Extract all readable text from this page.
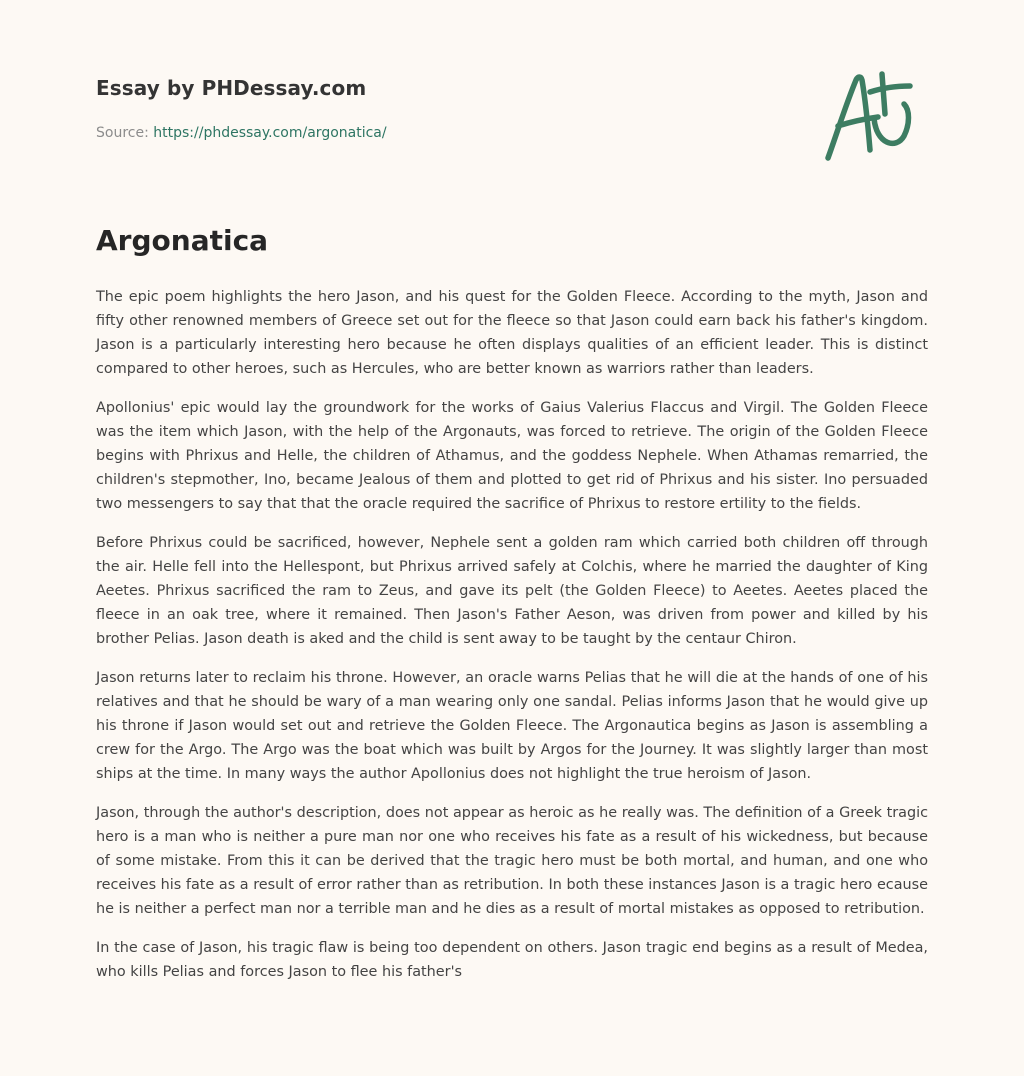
Essay by PHDessay.com
Source: https://phdessay.com/argonatica/
Argonatica

The epic poem highlights the hero Jason, and his quest for the Golden Fleece. According to the myth, Jason and fifty other renowned members of Greece set out for the fleece so that Jason could earn back his father's kingdom. Jason is a particularly interesting hero because he often displays qualities of an efficient leader. This is distinct compared to other heroes, such as Hercules, who are better known as warriors rather than leaders.

Apollonius' epic would lay the groundwork for the works of Gaius Valerius Flaccus and Virgil. The Golden Fleece was the item which Jason, with the help of the Argonauts, was forced to retrieve. The origin of the Golden Fleece begins with Phrixus and Helle, the children of Athamus, and the goddess Nephele. When Athamas remarried, the children's stepmother, Ino, became Jealous of them and plotted to get rid of Phrixus and his sister. Ino persuaded two messengers to say that that the oracle required the sacrifice of Phrixus to restore ertility to the fields.

Before Phrixus could be sacrificed, however, Nephele sent a golden ram which carried both children off through the air. Helle fell into the Hellespont, but Phrixus arrived safely at Colchis, where he married the daughter of King Aeetes. Phrixus sacrificed the ram to Zeus, and gave its pelt (the Golden Fleece) to Aeetes. Aeetes placed the fleece in an oak tree, where it remained. Then Jason's Father Aeson, was driven from power and killed by his brother Pelias. Jason death is aked and the child is sent away to be taught by the centaur Chiron.

Jason returns later to reclaim his throne. However, an oracle warns Pelias that he will die at the hands of one of his relatives and that he should be wary of a man wearing only one sandal. Pelias informs Jason that he would give up his throne if Jason would set out and retrieve the Golden Fleece. The Argonautica begins as Jason is assembling a crew for the Argo. The Argo was the boat which was built by Argos for the Journey. It was slightly larger than most ships at the time. In many ways the author Apollonius does not highlight the true heroism of Jason.

Jason, through the author's description, does not appear as heroic as he really was. The definition of a Greek tragic hero is a man who is neither a pure man nor one who receives his fate as a result of his wickedness, but because of some mistake. From this it can be derived that the tragic hero must be both mortal, and human, and one who receives his fate as a result of error rather than as retribution. In both these instances Jason is a tragic hero ecause he is neither a perfect man nor a terrible man and he dies as a result of mortal mistakes as opposed to retribution.

In the case of Jason, his tragic flaw is being too dependent on others. Jason tragic end begins as a result of Medea, who kills Pelias and forces Jason to flee his father's
